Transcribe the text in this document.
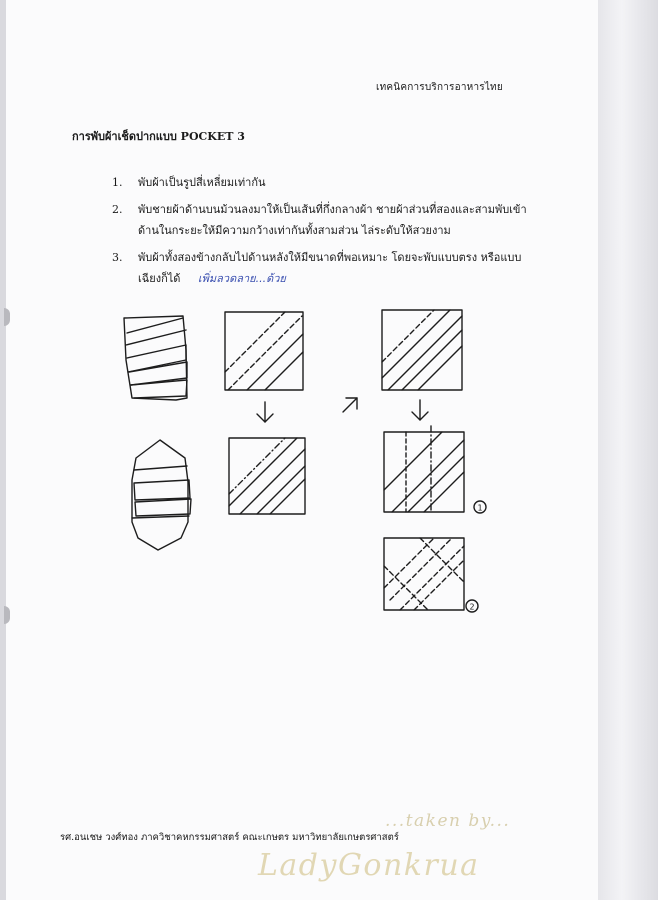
เทคนิคการบริการอาหารไทย
การพับผ้าเช็ดปากแบบ POCKET 3
1. พับผ้าเป็นรูปสี่เหลี่ยมเท่ากัน
2. พับชายผ้าด้านบนม้วนลงมาให้เป็นเส้นที่กึ่งกลางผ้า ชายผ้าส่วนที่สองและสามพับเข้าด้านในกระยะให้มีความกว้างเท่ากันทั้งสามส่วน ไล่ระดับให้สวยงาม
3. พับผ้าทั้งสองข้างกลับไปด้านหลังให้มีขนาดที่พอเหมาะ โดยจะพับแบบตรง หรือแบบเฉียงก็ได้ เพิ่มลวดลาย...ด้วย
1
2
รศ.อนเชษ วงศ์ทอง ภาควิชาคหกรรมศาสตร์ คณะเกษตร มหาวิทยาลัยเกษตรศาสตร์
...taken by...
LadyGonkrua
